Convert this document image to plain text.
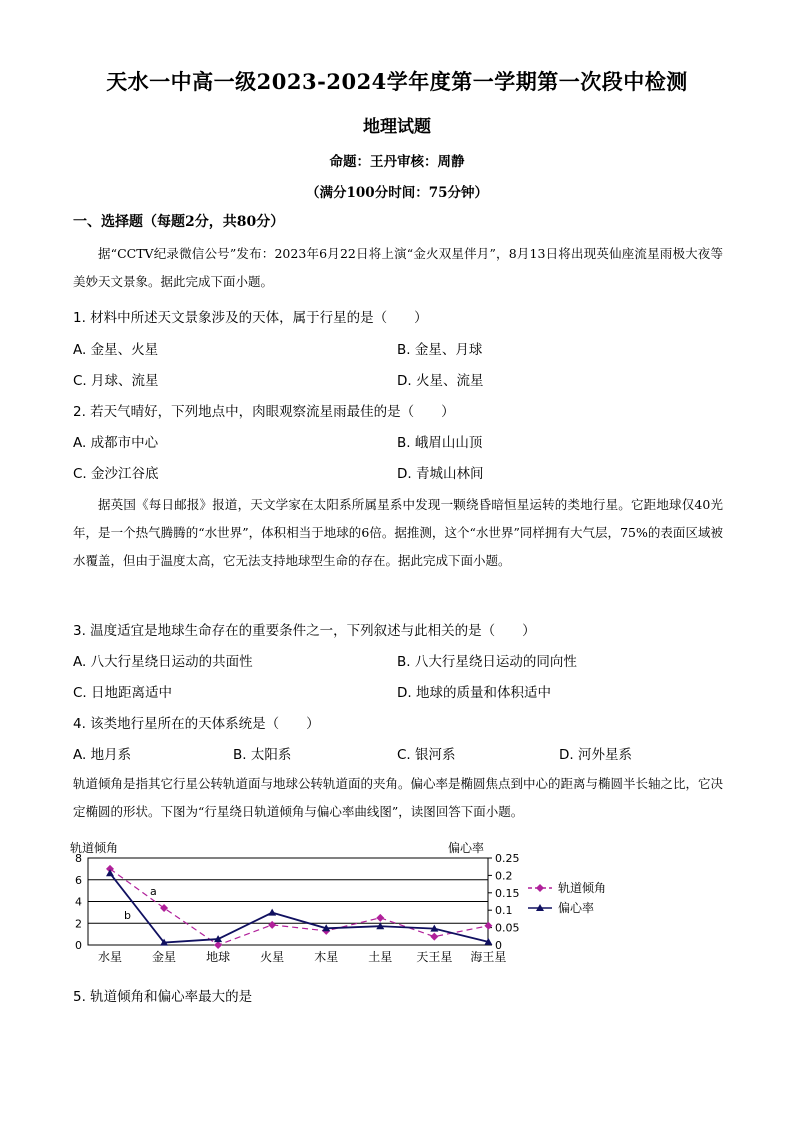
天水一中高一级2023-2024学年度第一学期第一次段中检测
地理试题
命题：王丹审核：周静
（满分100分时间：75分钟）
一、选择题（每题2分，共80分）
据“CCTV纪录微信公号”发布：2023年6月22日将上演“金火双星伴月”，8月13日将出现英仙座流星雨极大夜等美妙天文景象。据此完成下面小题。
1. 材料中所述天文景象涉及的天体，属于行星的是（　　）
A. 金星、火星	B. 金星、月球
C. 月球、流星	D. 火星、流星
2. 若天气晴好，下列地点中，肉眼观察流星雨最佳的是（　　）
A. 成都市中心	B. 峨眉山山顶
C. 金沙江谷底	D. 青城山林间
据英国《每日邮报》报道，天文学家在太阳系所属星系中发现一颗绕昏暗恒星运转的类地行星。它距地球仅40光年，是一个热气腾腾的“水世界”，体积相当于地球的6倍。据推测，这个“水世界”同样拥有大气层，75%的表面区域被水覆盖，但由于温度太高，它无法支持地球型生命的存在。据此完成下面小题。
3. 温度适宜是地球生命存在的重要条件之一，下列叙述与此相关的是（　　）
A. 八大行星绕日运动的共面性	B. 八大行星绕日运动的同向性
C. 日地距离适中	D. 地球的质量和体积适中
4. 该类地行星所在的天体系统是（　　）
A. 地月系	B. 太阳系	C. 银河系	D. 河外星系
轨道倾角是指其它行星公转轨道面与地球公转轨道面的夹角。偏心率是椭圆焦点到中心的距离与椭圆半长轴之比，它决定椭圆的形状。下图为“行星绕日轨道倾角与偏心率曲线图”，读图回答下面小题。
0
2
4
6
8
0
0.05
0.1
0.15
0.2
0.25
轨道倾角	偏心率
水星	金星	地球	火星	木星	土星 天王星 海王星
a
b
轨道倾角
偏心率
5. 轨道倾角和偏心率最大的是
